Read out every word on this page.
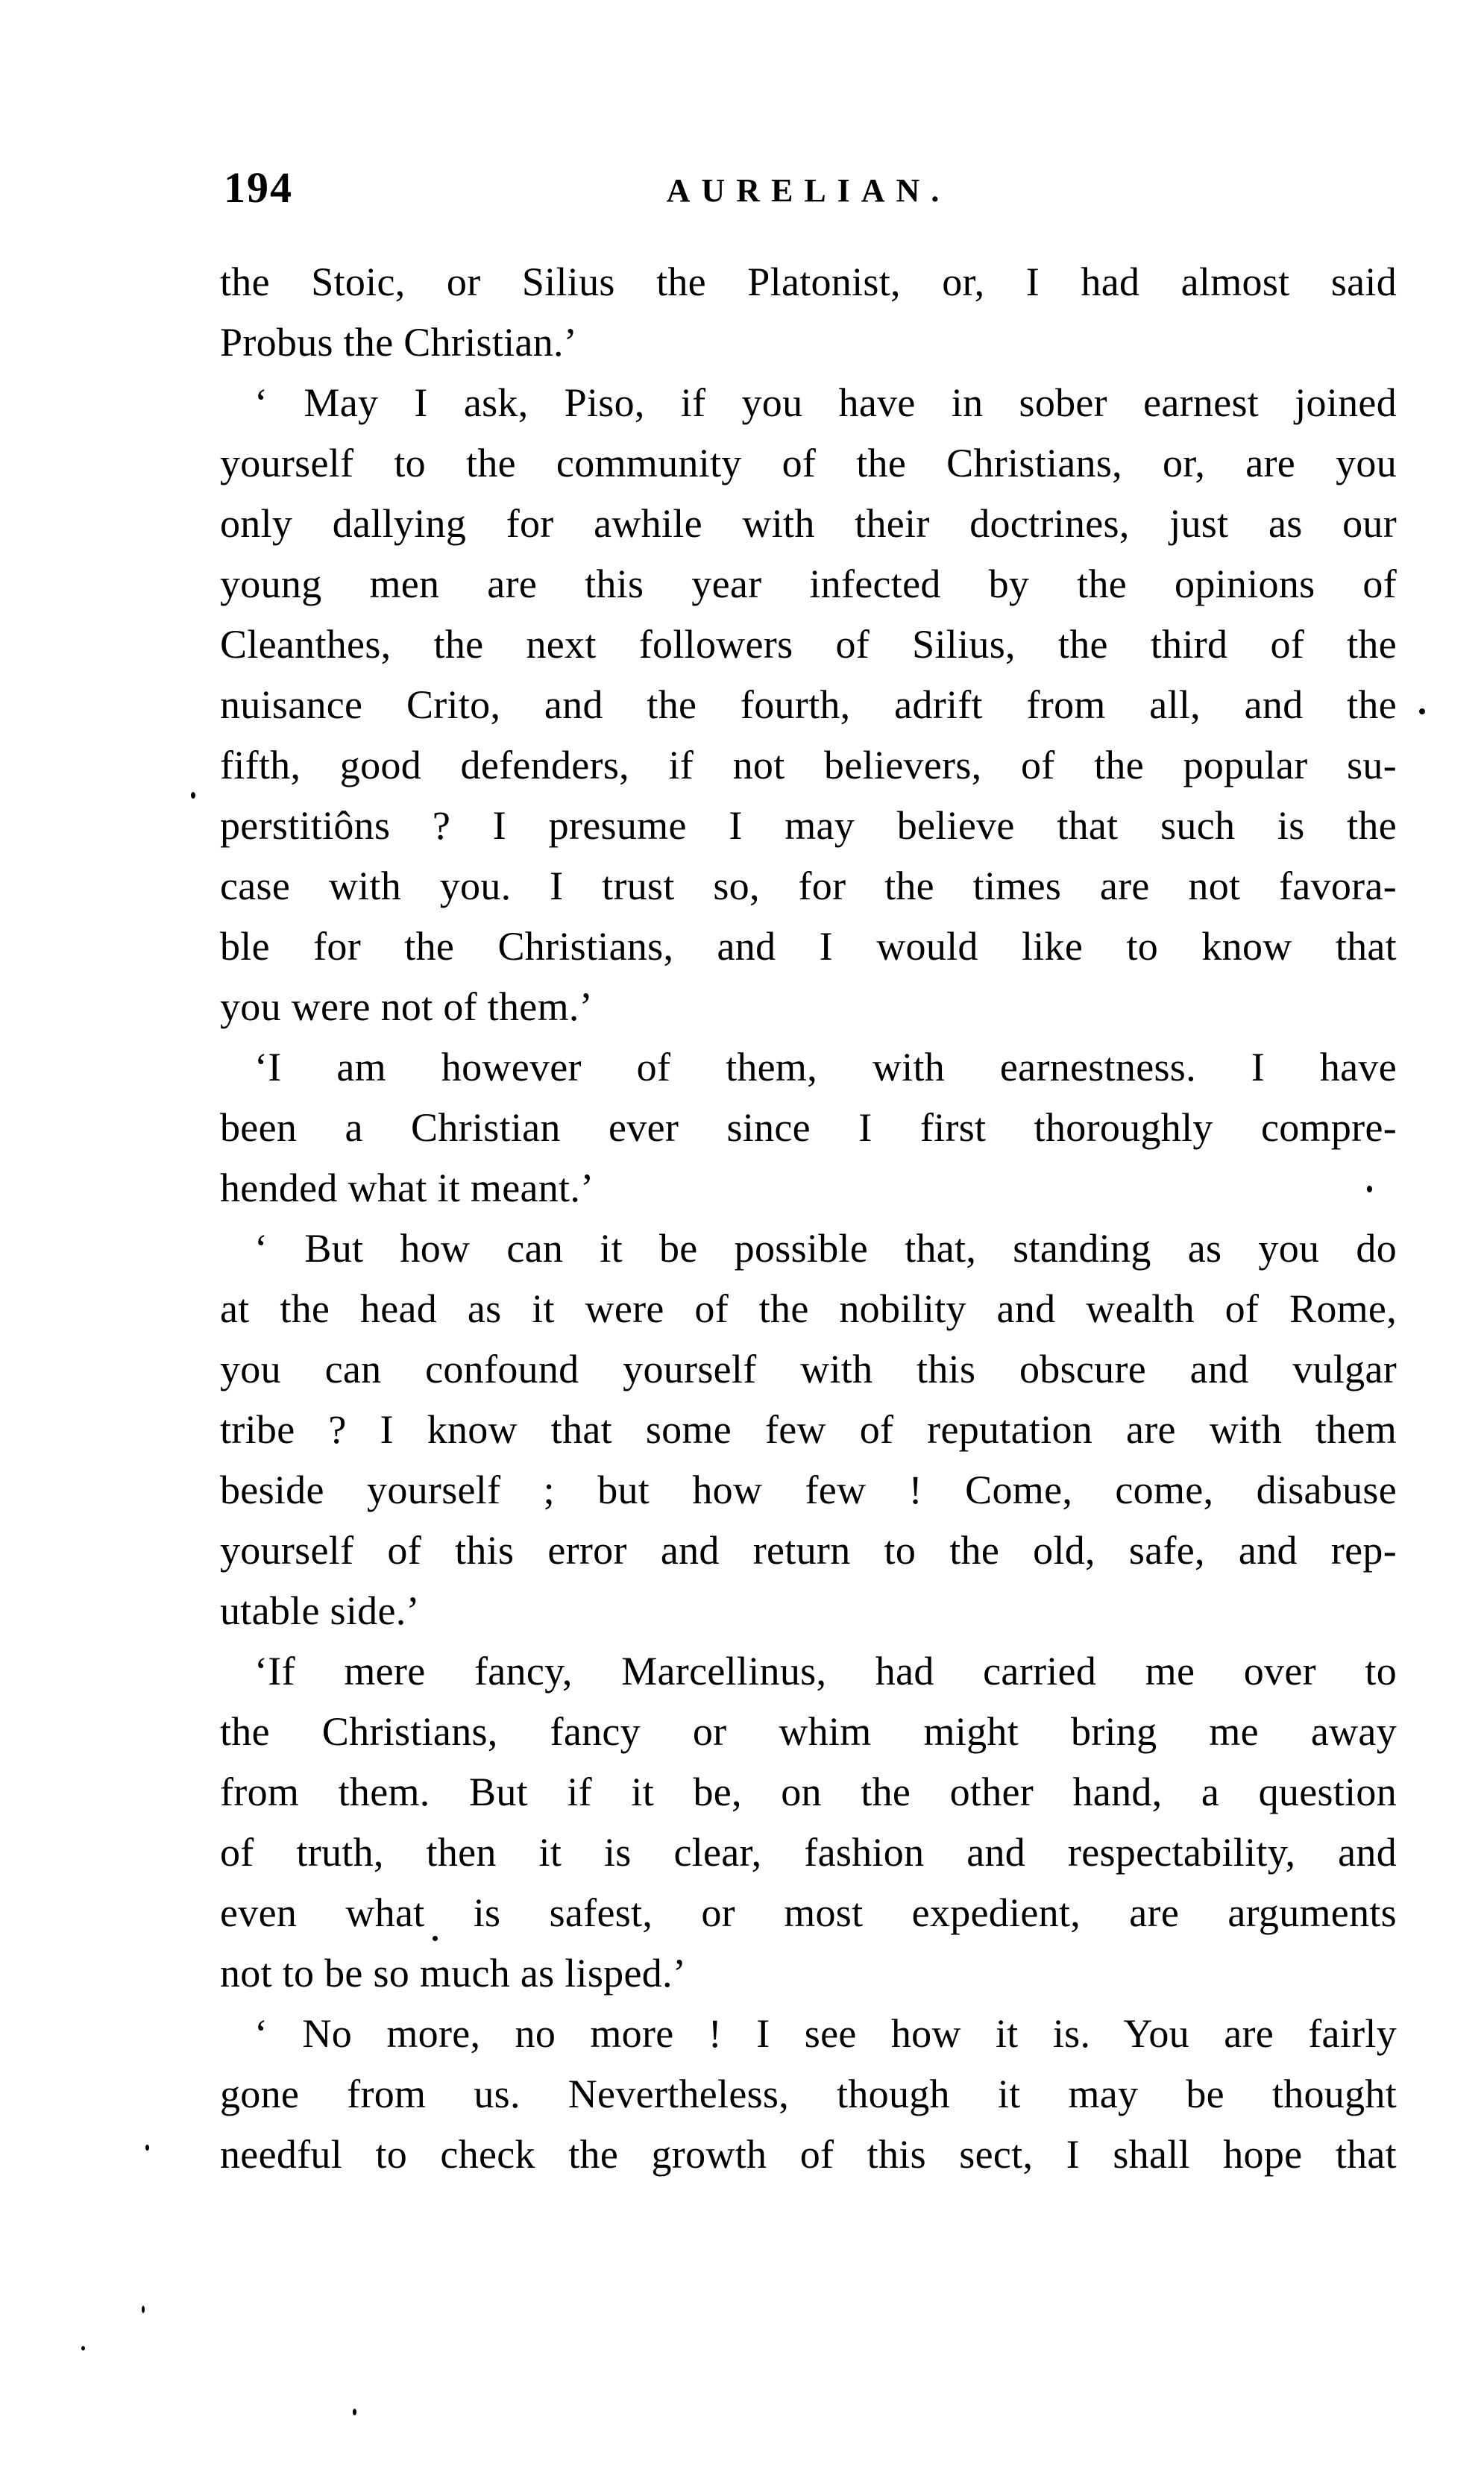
194	AURELIAN.
the Stoic, or Silius the Platonist, or, I had almost said
Probus the Christian.’
‘ May I ask, Piso, if you have in sober earnest joined
yourself to the community of the Christians, or, are you
only dallying for awhile with their doctrines, just as our
young men are this year infected by the opinions of
Cleanthes, the next followers of Silius, the third of the
nuisance Crito, and the fourth, adrift from all, and the
fifth, good defenders, if not believers, of the popular su-
perstitiôns ? I presume I may believe that such is the
case with you. I trust so, for the times are not favora-
ble for the Christians, and I would like to know that
you were not of them.’
‘I am however of them, with earnestness. I have
been a Christian ever since I first thoroughly compre-
hended what it meant.’
‘ But how can it be possible that, standing as you do
at the head as it were of the nobility and wealth of Rome,
you can confound yourself with this obscure and vulgar
tribe ? I know that some few of reputation are with them
beside yourself ; but how few ! Come, come, disabuse
yourself of this error and return to the old, safe, and rep-
utable side.’
‘If mere fancy, Marcellinus, had carried me over to
the Christians, fancy or whim might bring me away
from them. But if it be, on the other hand, a question
of truth, then it is clear, fashion and respectability, and
even what is safest, or most expedient, are arguments
not to be so much as lisped.’
‘ No more, no more ! I see how it is. You are fairly
gone from us. Nevertheless, though it may be thought
needful to check the growth of this sect, I shall hope that
